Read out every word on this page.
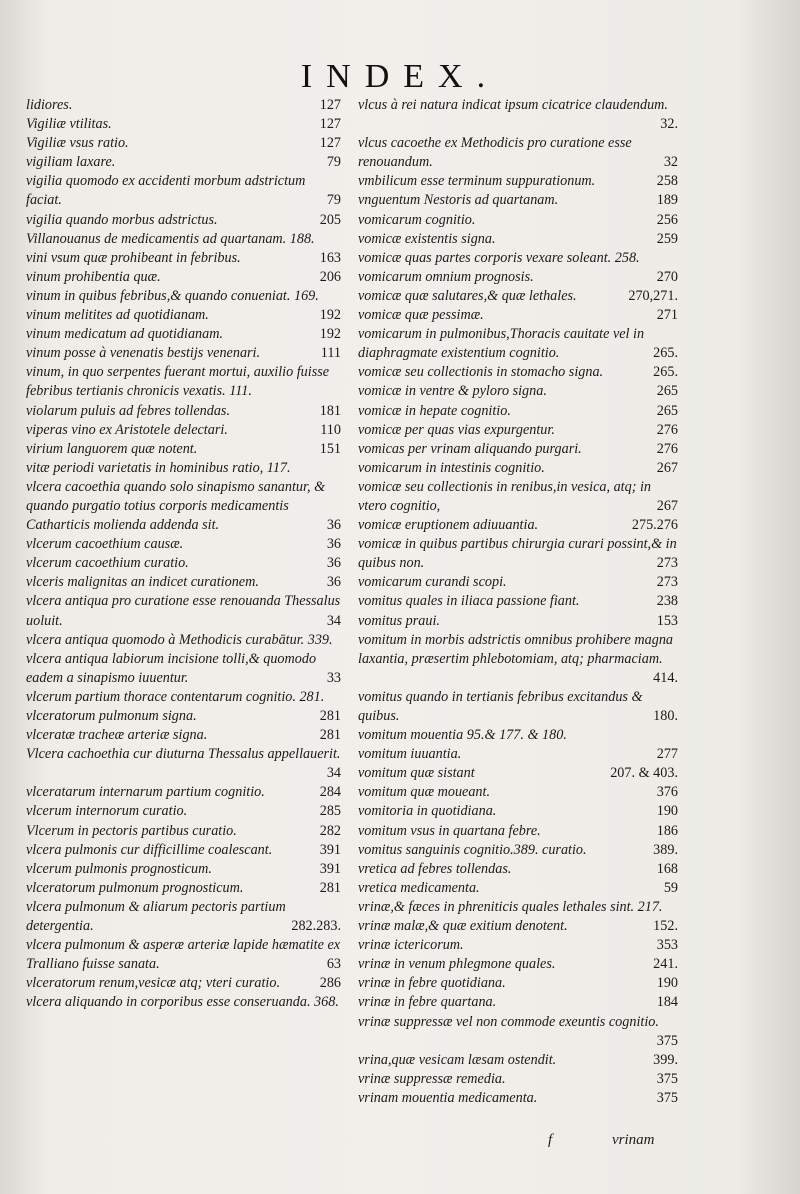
INDEX.
lidiores.	127
Vigiliæ vtilitas.	127
Vigiliæ vsus ratio.	127
vigiliam laxare.	79
vigilia quomodo ex accidenti morbum adstrictum faciat.	79
vigilia quando morbus adstrictus.	205
Villanouanus de medicamentis ad quartanam. 188.
vini vsum quæ prohibeant in febribus.	163
vinum prohibentia quæ.	206
vinum in quibus febribus,& quando conueniat. 169.
vinum melitites ad quotidianam.	192
vinum medicatum ad quotidianam.	192
vinum posse à venenatis bestijs venenari.	111
vinum, in quo serpentes fuerant mortui, auxilio fuisse febribus tertianis chronicis vexatis. 111.
violarum puluis ad febres tollendas.	181
viperas vino ex Aristotele delectari.	110
virium languorem quæ notent.	151
vitæ periodi varietatis in hominibus ratio, 117.
vlcera cacoethia quando solo sinapismo sanantur, & quando purgatio totius corporis medicamentis Catharticis molienda addenda sit.	36
vlcerum cacoethium causæ.	36
vlcerum cacoethium curatio.	36
vlceris malignitas an indicet curationem.	36
vlcera antiqua pro curatione esse renouanda Thessalus uoluit.	34
vlcera antiqua quomodo à Methodicis curabātur. 339.
vlcera antiqua labiorum incisione tolli,& quomodo eadem a sinapismo iuuentur.	33
vlcerum partium thorace contentarum cognitio. 281.
vlceratorum pulmonum signa.	281
vlceratæ tracheæ arteriæ signa.	281
Vlcera cachoethia cur diuturna Thessalus appellauerit.
34
vlceratarum internarum partium cognitio.	284
vlcerum internorum curatio.	285
Vlcerum in pectoris partibus curatio.	282
vlcera pulmonis cur difficillime coalescant.	391
vlcerum pulmonis prognosticum.	391
vlceratorum pulmonum prognosticum.	281
vlcera pulmonum & aliarum pectoris partium detergentia.	282.283.
vlcera pulmonum & asperæ arteriæ lapide hæmatite ex Tralliano fuisse sanata.	63
vlceratorum renum,vesicæ atq; vteri curatio.	286
vlcera aliquando in corporibus esse conseruanda. 368.
vlcus à rei natura indicat ipsum cicatrice claudendum.
32.
vlcus cacoethe ex Methodicis pro curatione esse renouandum.	32
vmbilicum esse terminum suppurationum.	258
vnguentum Nestoris ad quartanam.	189
vomicarum cognitio.	256
vomicæ existentis signa.	259
vomicæ quas partes corporis vexare soleant. 258.
vomicarum omnium prognosis.	270
vomicæ quæ salutares,& quæ lethales.	270,271.
vomicæ quæ pessimæ.	271
vomicarum in pulmonibus,Thoracis cauitate vel in diaphragmate existentium cognitio.	265.
vomicæ seu collectionis in stomacho signa.	265.
vomicæ in ventre & pyloro signa.	265
vomicæ in hepate cognitio.	265
vomicæ per quas vias expurgentur.	276
vomicas per vrinam aliquando purgari.	276
vomicarum in intestinis cognitio.	267
vomicæ seu collectionis in renibus,in vesica, atq; in vtero cognitio,	267
vomicæ eruptionem adiuuantia.	275.276
vomicæ in quibus partibus chirurgia curari possint,& in quibus non.	273
vomicarum curandi scopi.	273
vomitus quales in iliaca passione fiant.	238
vomitus praui.	153
vomitum in morbis adstrictis omnibus prohibere magna laxantia, præsertim phlebotomiam, atq; pharmaciam.
414.
vomitus quando in tertianis febribus excitandus & quibus.	180.
vomitum mouentia 95.& 177. & 180.
vomitum iuuantia.	277
vomitum quæ sistant	207. & 403.
vomitum quæ moueant.	376
vomitoria in quotidiana.	190
vomitum vsus in quartana febre.	186
vomitus sanguinis cognitio.389. curatio.	389.
vretica ad febres tollendas.	168
vretica medicamenta.	59
vrinæ,& fæces in phreniticis quales lethales sint. 217.
vrinæ malæ,& quæ exitium denotent.	152.
vrinæ ictericorum.	353
vrinæ in venum phlegmone quales.	241.
vrinæ in febre quotidiana.	190
vrinæ in febre quartana.	184
vrinæ suppressæ vel non commode exeuntis cognitio.
375
vrina,quæ vesicam læsam ostendit.	399.
vrinæ suppressæ remedia.	375
vrinam mouentia medicamenta.	375
f	vrinam
